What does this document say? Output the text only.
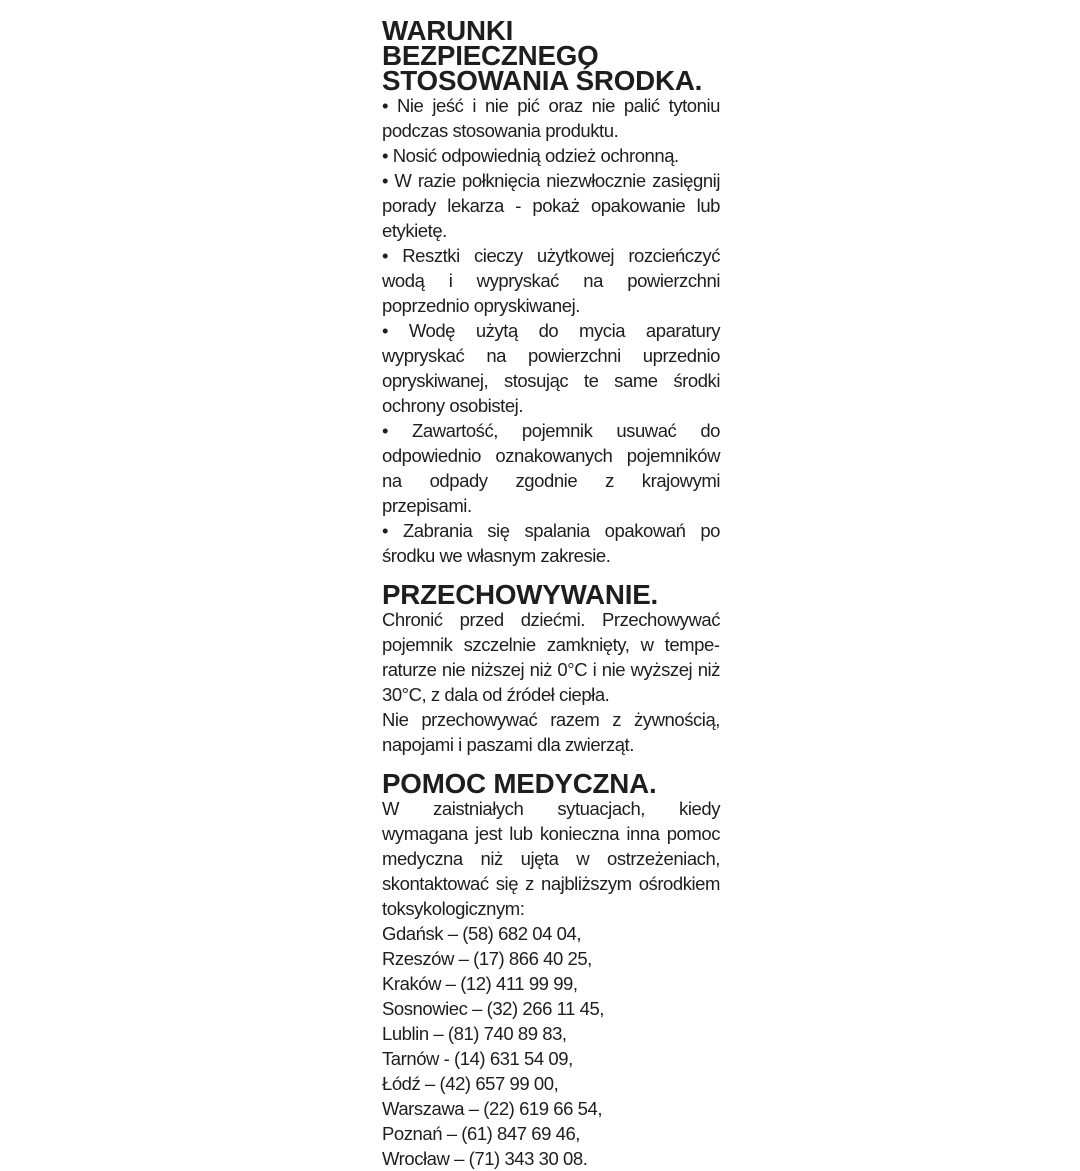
WARUNKI BEZPIECZNEGO
STOSOWANIA ŚRODKA.

• Nie jeść i nie pić oraz nie palić tytoniu podczas stosowania produktu.

• Nosić odpowiednią odzież ochronną.

• W razie połknięcia niezwłocznie zasięgnij porady lekarza - pokaż opakowanie lub etykietę.

• Resztki cieczy użytkowej rozcieńczyć wodą i wypryskać na powierzchni poprzednio opryskiwanej.

• Wodę użytą do mycia aparatury wypryskać na powierzchni uprzednio opryskiwanej, stosując te same środki ochrony osobistej.

• Zawartość, pojemnik usuwać do odpowiednio oznakowanych pojemników na odpady zgodnie z krajowymi przepisami.

• Zabrania się spalania opakowań po środku we własnym zakresie.

PRZECHOWYWANIE.

Chronić przed dziećmi. Przechowywać pojemnik szczelnie zamknięty, w temperaturze nie niższej niż 0°C i nie wyższej niż 30°C, z dala od źródeł ciepła.

Nie przechowywać razem z żywnością, napojami i paszami dla zwierząt.

POMOC MEDYCZNA.

W zaistniałych sytuacjach, kiedy wymagana jest lub konieczna inna pomoc medyczna niż ujęta w ostrzeżeniach, skontaktować się z najbliższym ośrodkiem toksykologicznym:

Gdańsk – (58) 682 04 04,

Rzeszów – (17) 866 40 25,

Kraków – (12) 411 99 99,

Sosnowiec – (32) 266 11 45,

Lublin – (81) 740 89 83,

Tarnów - (14) 631 54 09,

Łódź – (42) 657 99 00,

Warszawa – (22) 619 66 54,

Poznań – (61) 847 69 46,

Wrocław – (71) 343 30 08.
